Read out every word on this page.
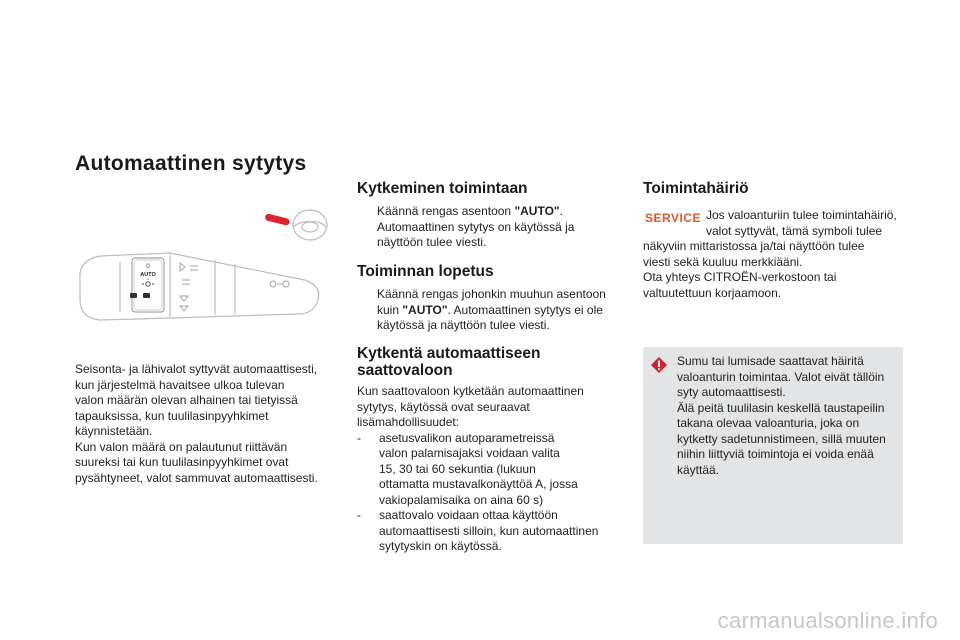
Automaattinen sytytys
0
AUTO

Seisonta- ja lähivalot syttyvät automaattisesti,
kun järjestelmä havaitsee ulkoa tulevan
valon määrän olevan alhainen tai tietyissä
tapauksissa, kun tuulilasinpyyhkimet
käynnistetään.
Kun valon määrä on palautunut riittävän
suureksi tai kun tuulilasinpyyhkimet ovat
pysähtyneet, valot sammuvat automaattisesti.

Kytkeminen toimintaan
Käännä rengas asentoon "AUTO".
Automaattinen sytytys on käytössä ja
näyttöön tulee viesti.
Toiminnan lopetus
Käännä rengas johonkin muuhun asentoon
kuin "AUTO". Automaattinen sytytys ei ole
käytössä ja näyttöön tulee viesti.
Kytkentä automaattiseen
saattovaloon

Kun saattovaloon kytketään automaattinen
sytytys, käytössä ovat seuraavat
lisämahdollisuudet:

-	asetusvalikon autoparametreissä
valon palamisajaksi voidaan valita
15, 30 tai 60 sekuntia (lukuun
ottamatta mustavalkonäyttöä A, jossa
vakiopalamisaika on aina 60 s)
-	saattovalo voidaan ottaa käyttöön
automaattisesti silloin, kun automaattinen
sytytyskin on käytössä.
Toimintahäiriö
SERVICE Jos valoanturiin tulee toimintahäiriö,
valot syttyvät, tämä symboli tulee
näkyviin mittaristossa ja/tai näyttöön tulee
viesti sekä kuuluu merkkiääni.
Ota yhteys CITROËN-verkostoon tai
valtuutettuun korjaamoon.
Sumu tai lumisade saattavat häiritä
valoanturin toimintaa. Valot eivät tällöin
syty automaattisesti.
Älä peitä tuulilasin keskellä taustapeilin
takana olevaa valoanturia, joka on
kytketty sadetunnistimeen, sillä muuten
niihin liittyviä toimintoja ei voida enää
käyttää.
carmanualsonline.info
